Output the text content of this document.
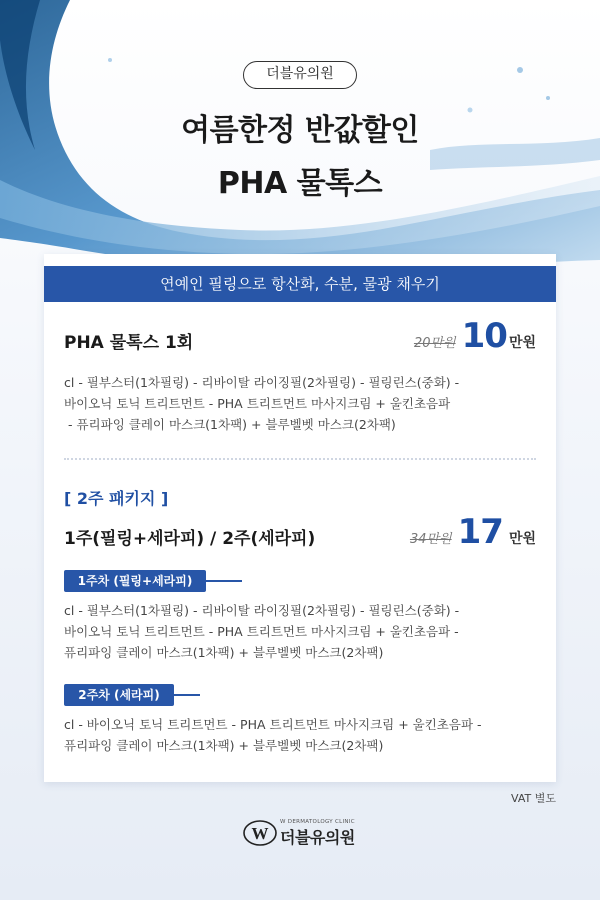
더블유의원
여름한정 반값할인
PHA 물톡스
연예인 필링으로 항산화, 수분, 물광 채우기
PHA 물톡스 1회	20만원 10 만원
cl - 필부스터(1차필링) - 리바이탈 라이징필(2차필링) - 필링린스(중화) -
바이오닉 토닉 트리트먼트 - PHA 트리트먼트 마사지크림 + 울킨초음파
- 퓨리파잉 클레이 마스크(1차팩) + 블루벨벳 마스크(2차팩)
[ 2주 패키지 ]
1주(필링+세라피) / 2주(세라피)	34만원 17 만원
1주차 (필링+세라피)
cl - 필부스터(1차필링) - 리바이탈 라이징필(2차필링) - 필링린스(중화) -
바이오닉 토닉 트리트먼트 - PHA 트리트먼트 마사지크림 + 울킨초음파 -
퓨리파잉 클레이 마스크(1차팩) + 블루벨벳 마스크(2차팩)
2주차 (세라피)
cl - 바이오닉 토닉 트리트먼트 - PHA 트리트먼트 마사지크림 + 울킨초음파 -
퓨리파잉 클레이 마스크(1차팩) + 블루벨벳 마스크(2차팩)
VAT 별도
W
W DERMATOLOGY CLINIC
더블유의원
